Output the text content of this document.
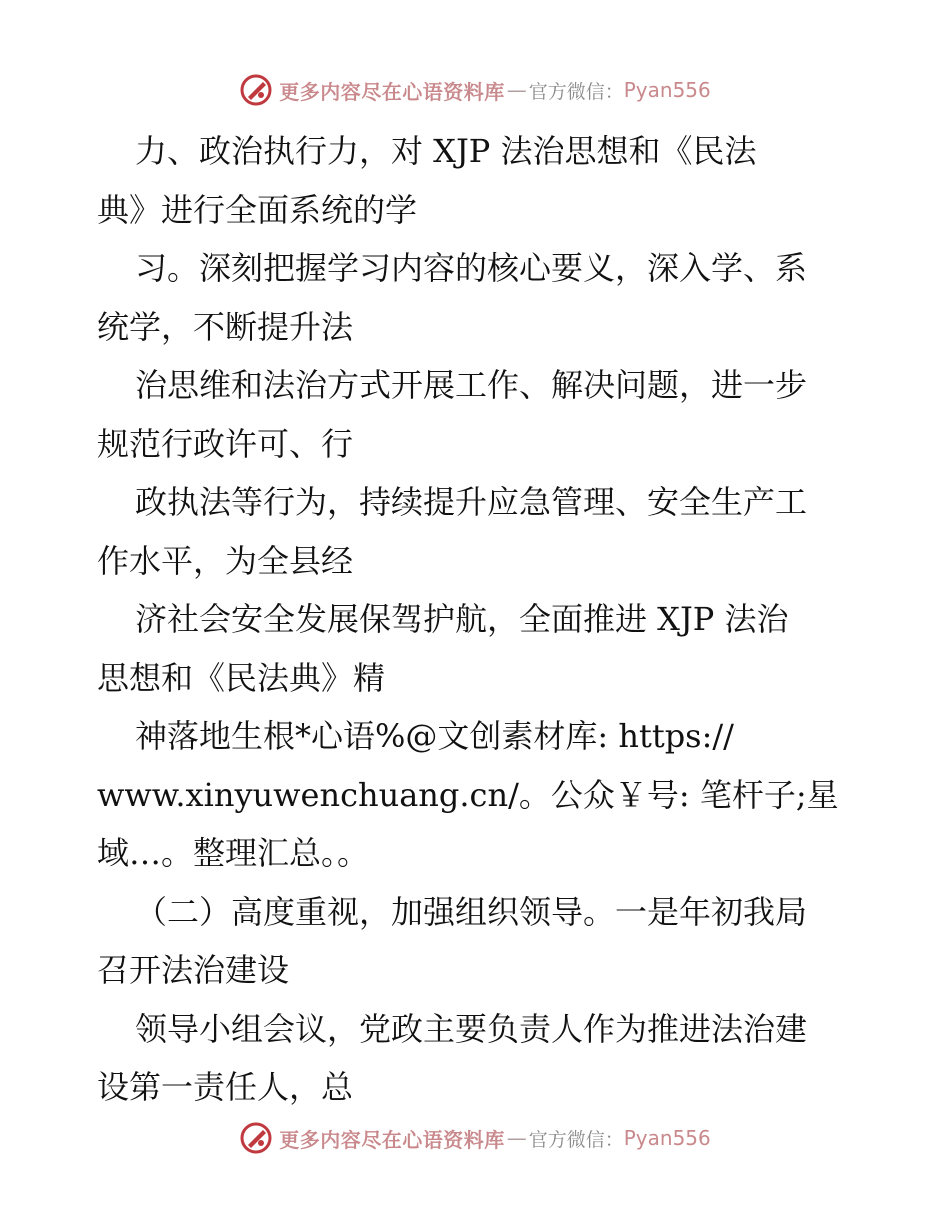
更多内容尽在心语资料库 — 官方微信： Pyan556

力、政治执行力，对 XJP 法治思想和《民法
典》进行全面系统的学

习。深刻把握学习内容的核心要义，深入学、系
统学，不断提升法

治思维和法治方式开展工作、解决问题，进一步
规范行政许可、行

政执法等行为，持续提升应急管理、安全生产工
作水平，为全县经

济社会安全发展保驾护航，全面推进 XJP 法治
思想和《民法典》精

神落地生根*心语%@文创素材库: https://
www.xinyuwenchuang.cn/。公众￥号: 笔杆子;星
域…。整理汇总。。

（二）高度重视，加强组织领导。一是年初我局
召开法治建设

领导小组会议，党政主要负责人作为推进法治建
设第一责任人，总

更多内容尽在心语资料库 — 官方微信： Pyan556
